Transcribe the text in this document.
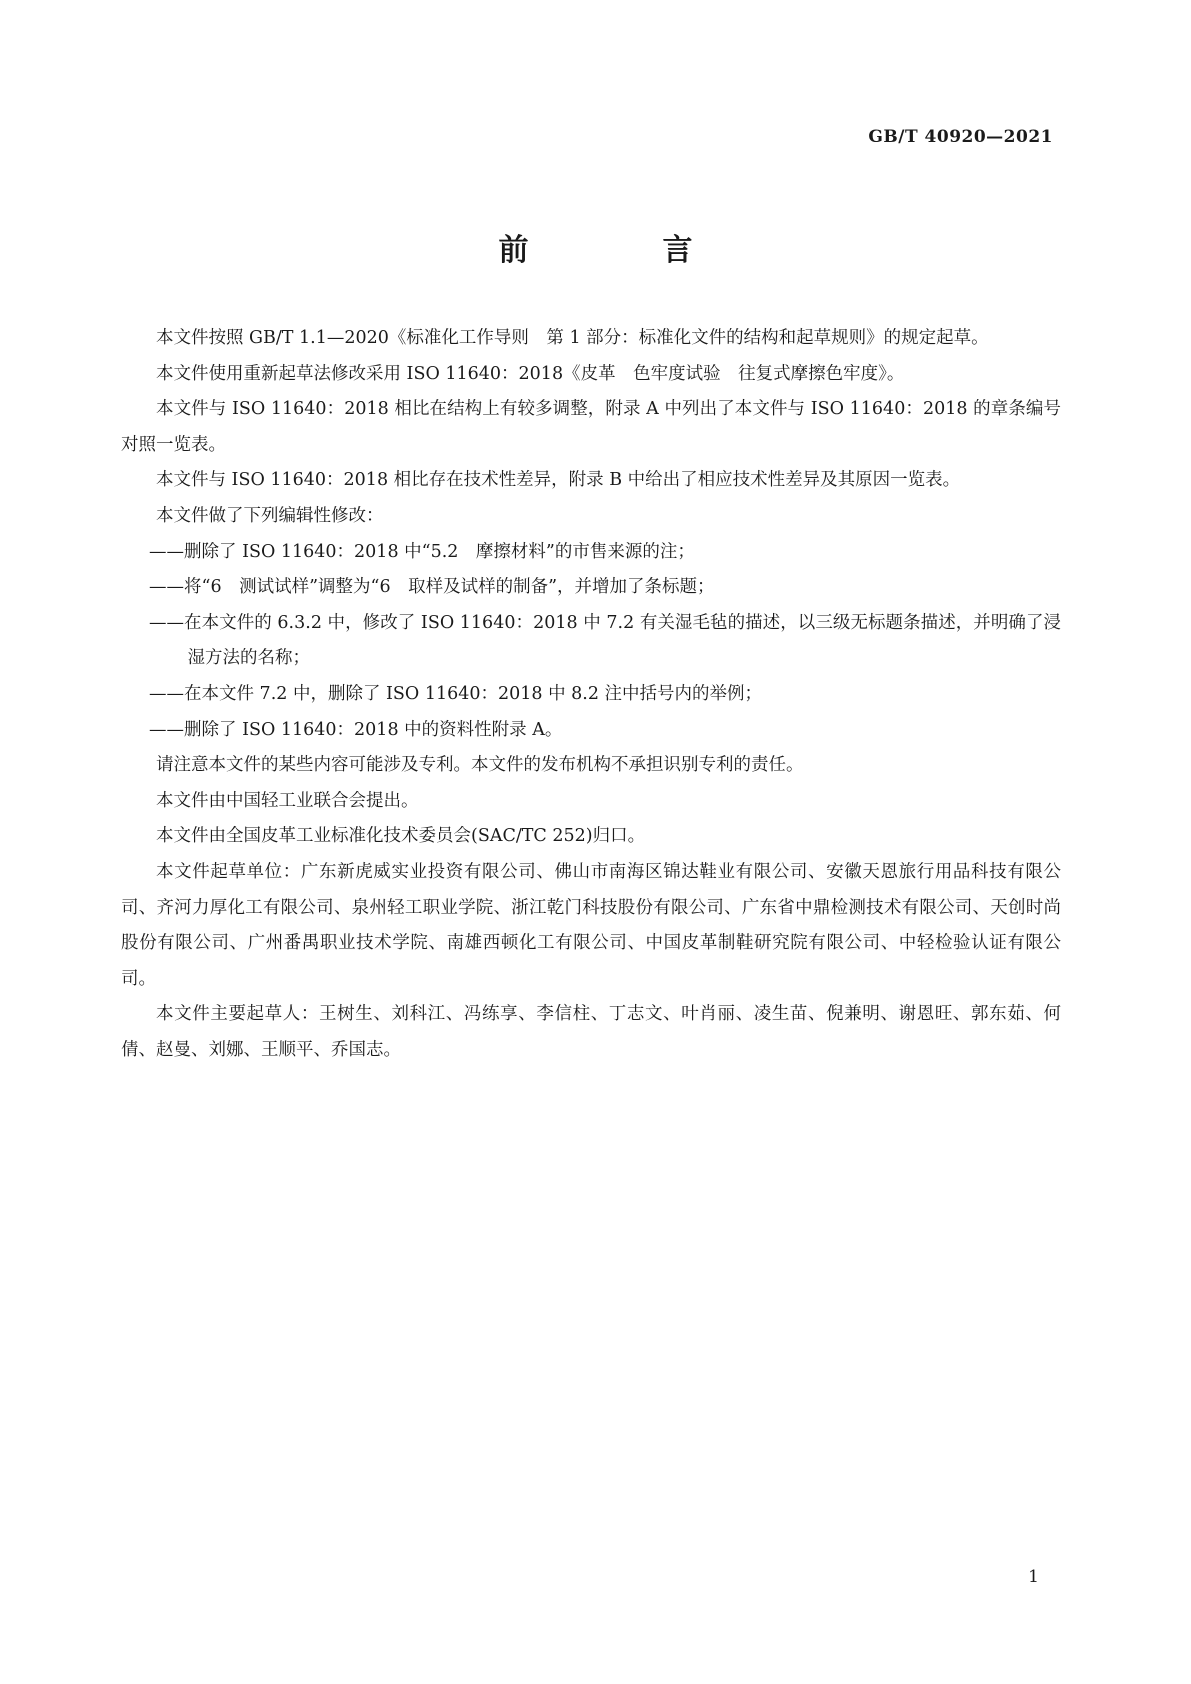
GB/T 40920—2021
前　言

本文件按照 GB/T 1.1—2020《标准化工作导则　第 1 部分：标准化文件的结构和起草规则》的规定起草。

本文件使用重新起草法修改采用 ISO 11640：2018《皮革　色牢度试验　往复式摩擦色牢度》。

本文件与 ISO 11640：2018 相比在结构上有较多调整，附录 A 中列出了本文件与 ISO 11640：2018 的章条编号对照一览表。

本文件与 ISO 11640：2018 相比存在技术性差异，附录 B 中给出了相应技术性差异及其原因一览表。

本文件做了下列编辑性修改：

——删除了 ISO 11640：2018 中“5.2　摩擦材料”的市售来源的注；

——将“6　测试试样”调整为“6　取样及试样的制备”，并增加了条标题；

——在本文件的 6.3.2 中，修改了 ISO 11640：2018 中 7.2 有关湿毛毡的描述，以三级无标题条描述，并明确了浸湿方法的名称；

——在本文件 7.2 中，删除了 ISO 11640：2018 中 8.2 注中括号内的举例；

——删除了 ISO 11640：2018 中的资料性附录 A。

请注意本文件的某些内容可能涉及专利。本文件的发布机构不承担识别专利的责任。

本文件由中国轻工业联合会提出。

本文件由全国皮革工业标准化技术委员会(SAC/TC 252)归口。

本文件起草单位：广东新虎威实业投资有限公司、佛山市南海区锦达鞋业有限公司、安徽天恩旅行用品科技有限公司、齐河力厚化工有限公司、泉州轻工职业学院、浙江乾门科技股份有限公司、广东省中鼎检测技术有限公司、天创时尚股份有限公司、广州番禺职业技术学院、南雄西顿化工有限公司、中国皮革制鞋研究院有限公司、中轻检验认证有限公司。

本文件主要起草人：王树生、刘科江、冯练享、李信柱、丁志文、叶肖丽、凌生苗、倪兼明、谢恩旺、郭东茹、何倩、赵曼、刘娜、王顺平、乔国志。

1
